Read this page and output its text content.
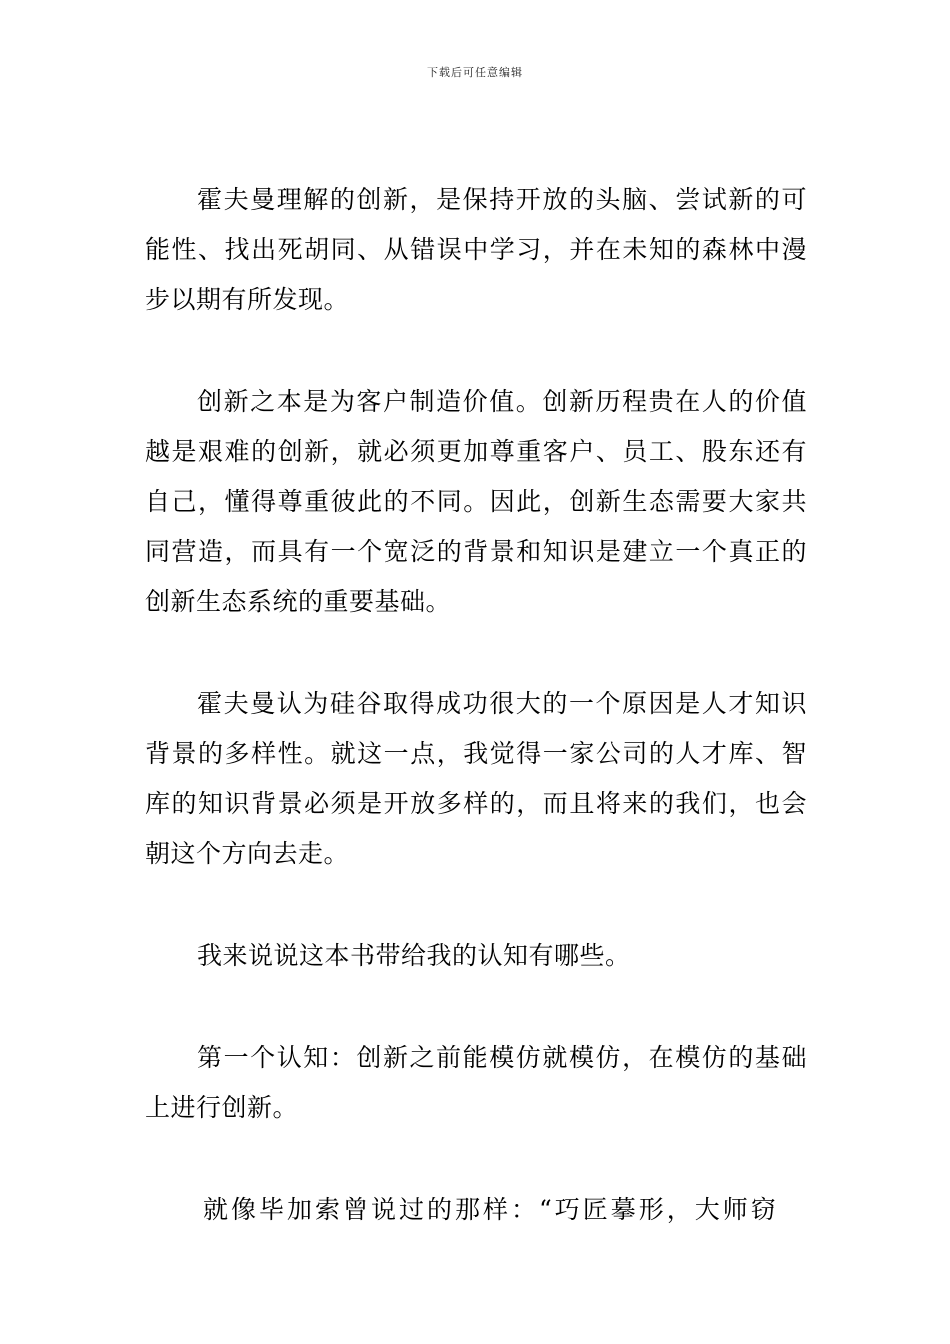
下载后可任意编辑

霍夫曼理解的创新，是保持开放的头脑、尝试新的可能性、找出死胡同、从错误中学习，并在未知的森林中漫步以期有所发现。

创新之本是为客户制造价值。创新历程贵在人的价值越是艰难的创新，就必须更加尊重客户、员工、股东还有自己，懂得尊重彼此的不同。因此，创新生态需要大家共同营造，而具有一个宽泛的背景和知识是建立一个真正的创新生态系统的重要基础。

霍夫曼认为硅谷取得成功很大的一个原因是人才知识背景的多样性。就这一点，我觉得一家公司的人才库、智库的知识背景必须是开放多样的，而且将来的我们，也会朝这个方向去走。

我来说说这本书带给我的认知有哪些。

第一个认知：创新之前能模仿就模仿，在模仿的基础上进行创新。

就像毕加索曾说过的那样：“巧匠摹形，大师窃
